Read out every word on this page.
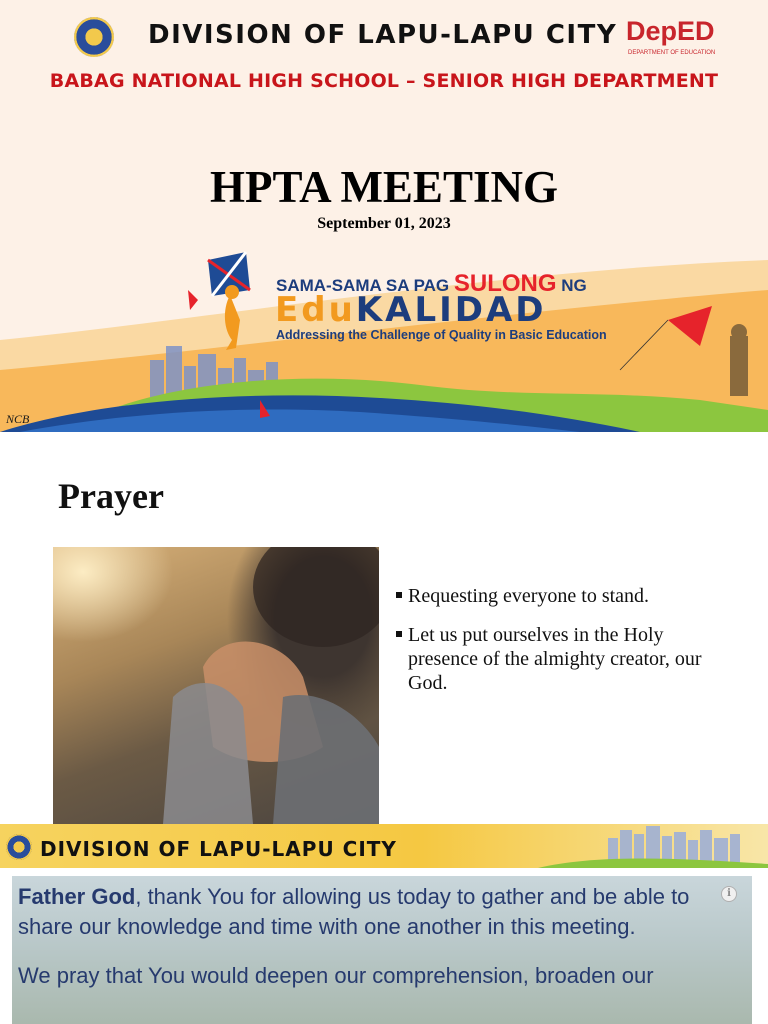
DIVISION OF LAPU-LAPU CITY DepED
DEPARTMENT OF EDUCATION
BABAG NATIONAL HIGH SCHOOL – SENIOR HIGH DEPARTMENT
HPTA MEETING
September 01, 2023
SAMA-SAMA SA PAG SULONG NG
EduKALIDAD
Addressing the Challenge of Quality in Basic Education
NCB
Prayer
Requesting everyone to stand.
Let us put ourselves in the Holy presence of the almighty creator, our God.
DIVISION OF LAPU-LAPU CITY

Father God, thank You for allowing us today to gather and be able to share our knowledge and time with one another in this meeting.

We pray that You would deepen our comprehension, broaden our

i
